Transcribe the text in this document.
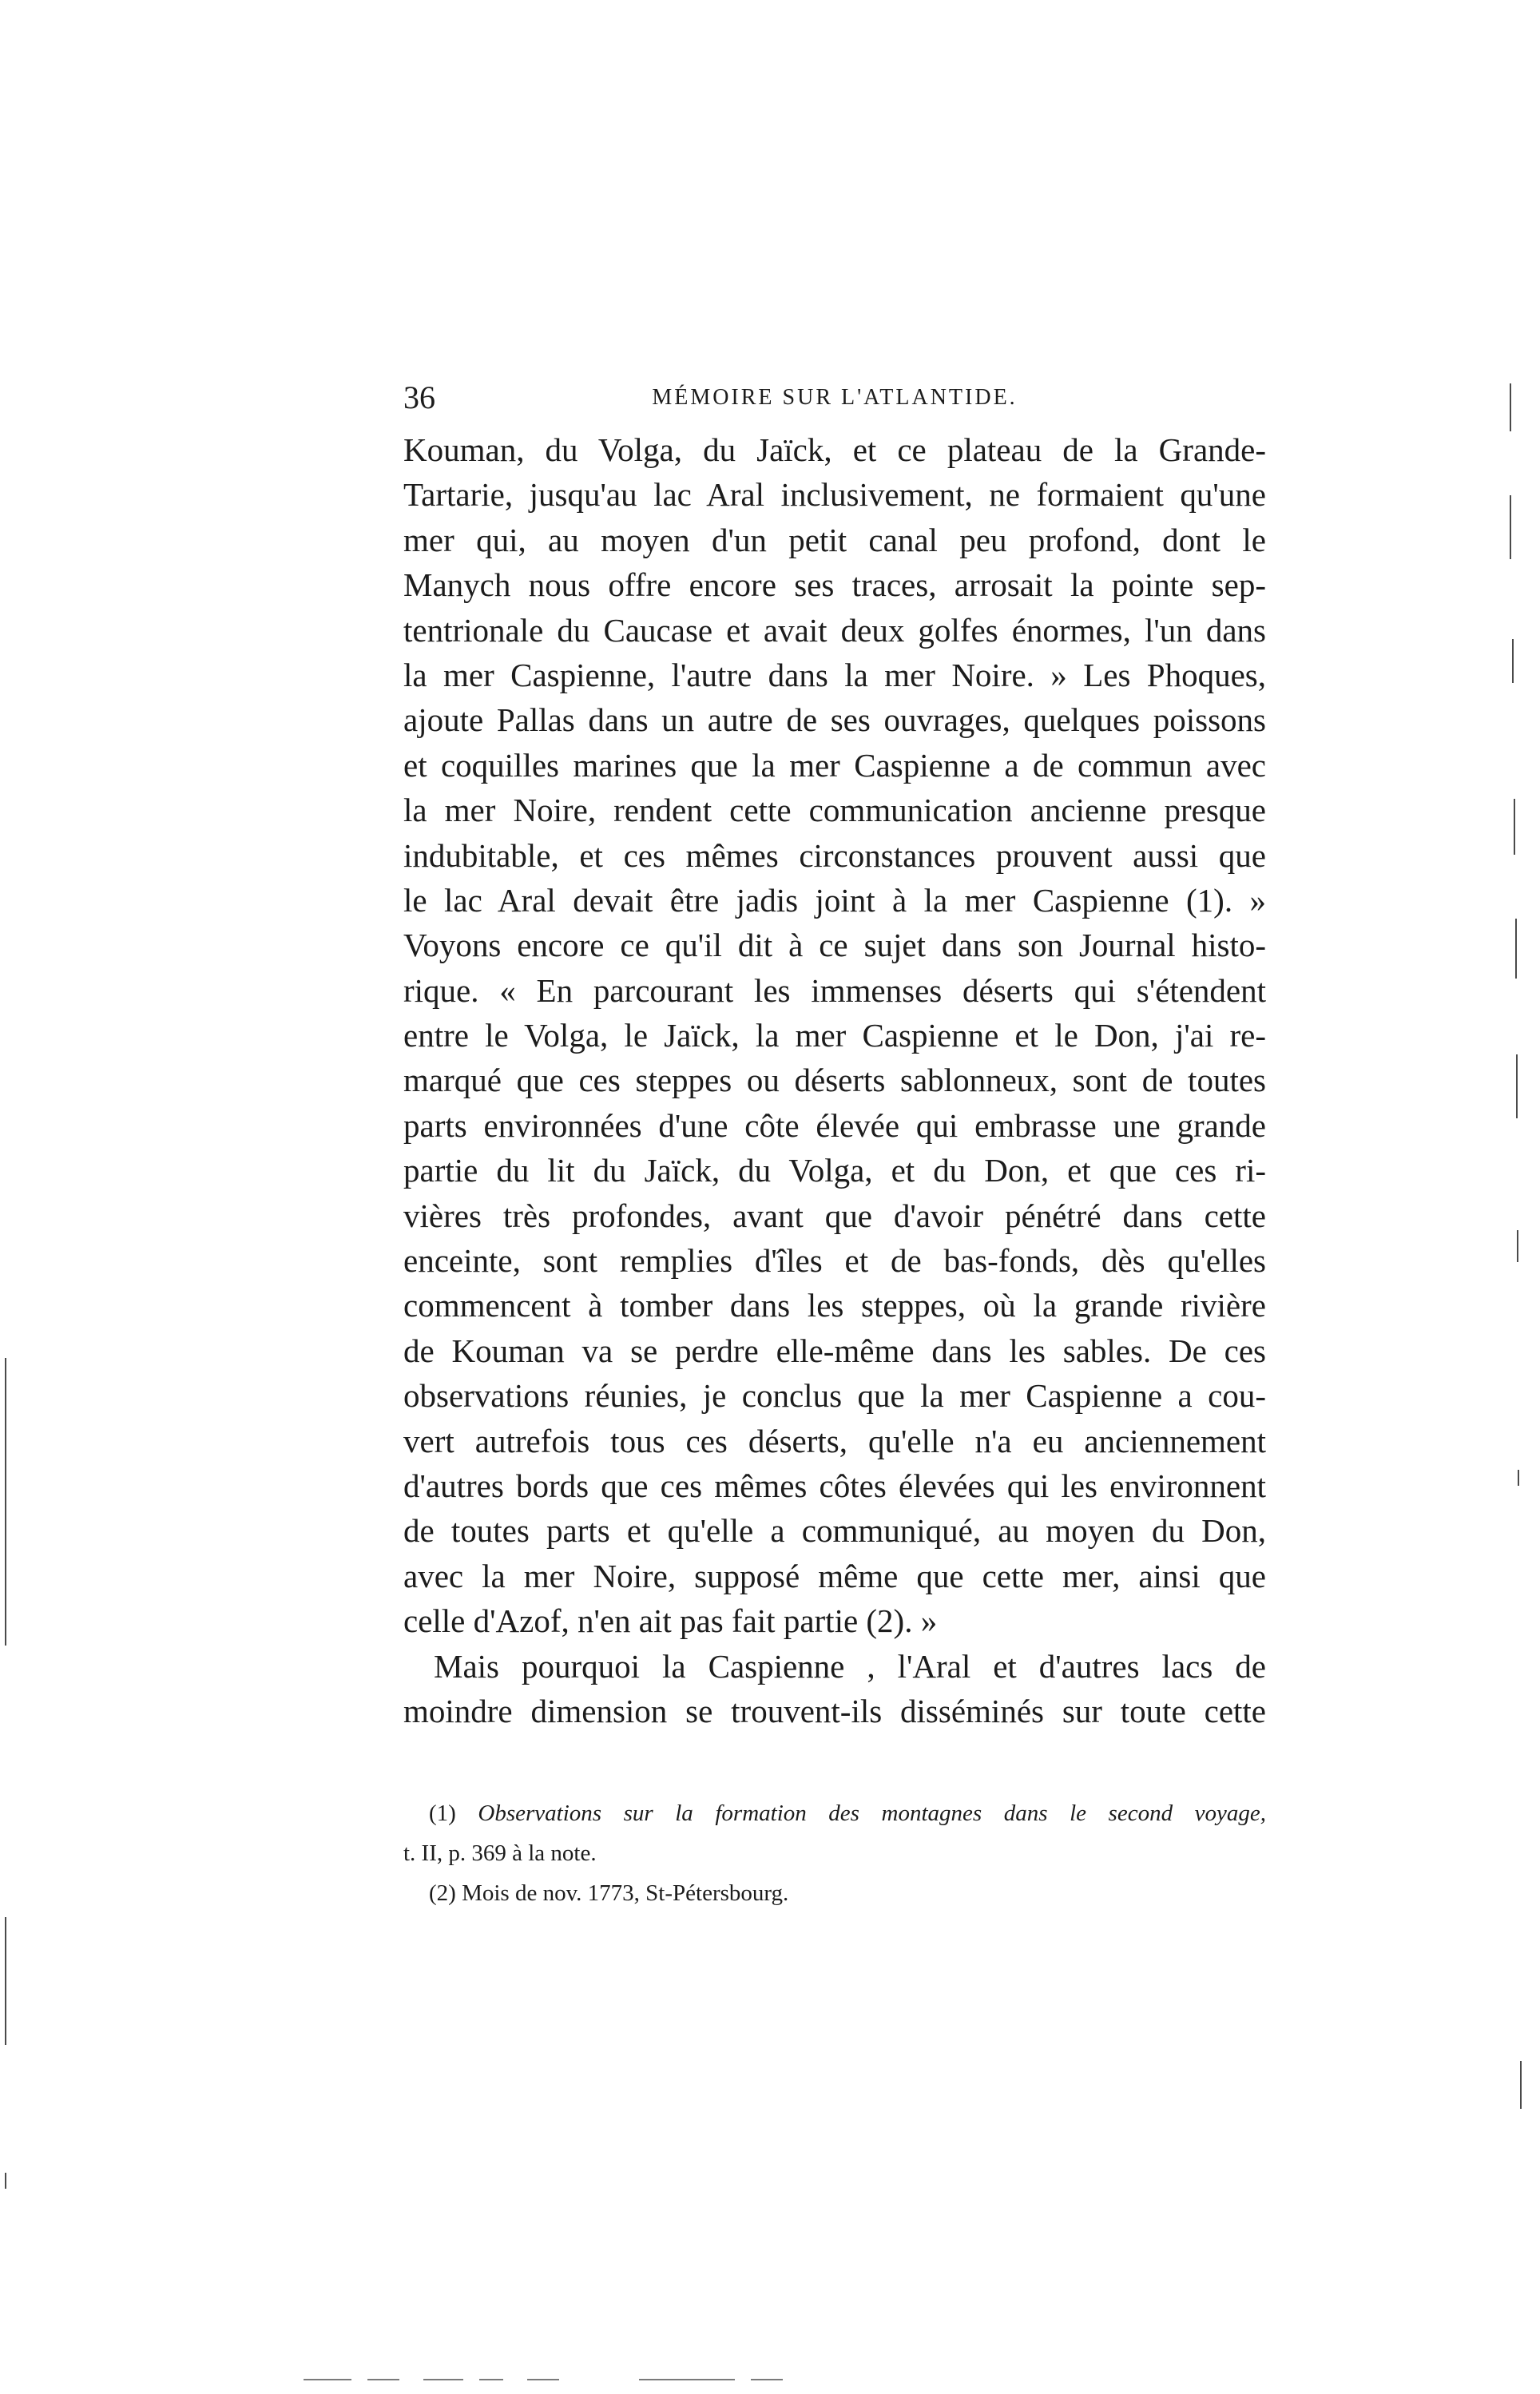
36	MÉMOIRE SUR L'ATLANTIDE.
Kouman, du Volga, du Jaïck, et ce plateau de la Grande-
Tartarie, jusqu'au lac Aral inclusivement, ne formaient qu'une
mer qui, au moyen d'un petit canal peu profond, dont le
Manych nous offre encore ses traces, arrosait la pointe sep-
tentrionale du Caucase et avait deux golfes énormes, l'un dans
la mer Caspienne, l'autre dans la mer Noire. » Les Phoques,
ajoute Pallas dans un autre de ses ouvrages, quelques poissons
et coquilles marines que la mer Caspienne a de commun avec
la mer Noire, rendent cette communication ancienne presque
indubitable, et ces mêmes circonstances prouvent aussi que
le lac Aral devait être jadis joint à la mer Caspienne (1). »
Voyons encore ce qu'il dit à ce sujet dans son Journal histo-
rique. « En parcourant les immenses déserts qui s'étendent
entre le Volga, le Jaïck, la mer Caspienne et le Don, j'ai re-
marqué que ces steppes ou déserts sablonneux, sont de toutes
parts environnées d'une côte élevée qui embrasse une grande
partie du lit du Jaïck, du Volga, et du Don, et que ces ri-
vières très profondes, avant que d'avoir pénétré dans cette
enceinte, sont remplies d'îles et de bas-fonds, dès qu'elles
commencent à tomber dans les steppes, où la grande rivière
de Kouman va se perdre elle-même dans les sables. De ces
observations réunies, je conclus que la mer Caspienne a cou-
vert autrefois tous ces déserts, qu'elle n'a eu anciennement
d'autres bords que ces mêmes côtes élevées qui les environnent
de toutes parts et qu'elle a communiqué, au moyen du Don,
avec la mer Noire, supposé même que cette mer, ainsi que
celle d'Azof, n'en ait pas fait partie (2). »
Mais pourquoi la Caspienne , l'Aral et d'autres lacs de
moindre dimension se trouvent-ils disséminés sur toute cette
(1) Observations sur la formation des montagnes dans le second voyage,
t. II, p. 369 à la note.
(2) Mois de nov. 1773, St-Pétersbourg.
